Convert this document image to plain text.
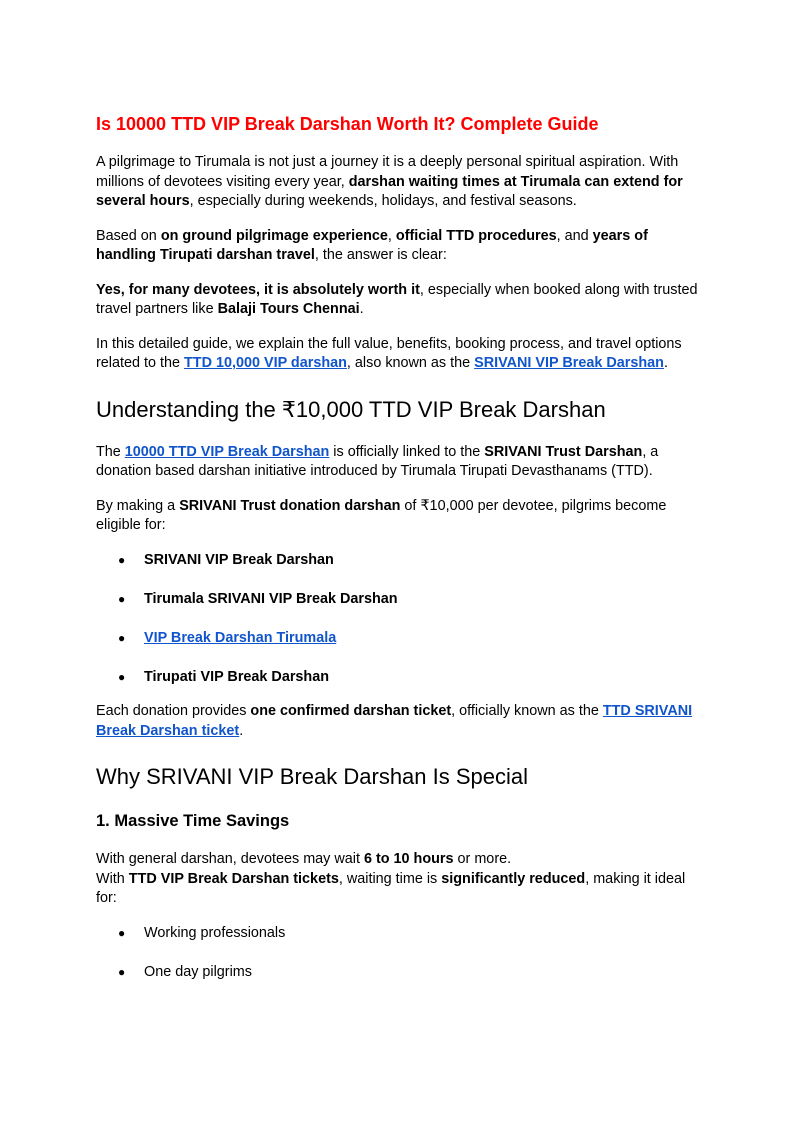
Is 10000 TTD VIP Break Darshan Worth It? Complete Guide

A pilgrimage to Tirumala is not just a journey it is a deeply personal spiritual aspiration. With millions of devotees visiting every year, darshan waiting times at Tirumala can extend for several hours, especially during weekends, holidays, and festival seasons.

Based on on ground pilgrimage experience, official TTD procedures, and years of handling Tirupati darshan travel, the answer is clear:

Yes, for many devotees, it is absolutely worth it, especially when booked along with trusted travel partners like Balaji Tours Chennai.

In this detailed guide, we explain the full value, benefits, booking process, and travel options related to the TTD 10,000 VIP darshan, also known as the SRIVANI VIP Break Darshan.

Understanding the ₹10,000 TTD VIP Break Darshan

The 10000 TTD VIP Break Darshan is officially linked to the SRIVANI Trust Darshan, a donation based darshan initiative introduced by Tirumala Tirupati Devasthanams (TTD).

By making a SRIVANI Trust donation darshan of ₹10,000 per devotee, pilgrims become eligible for:

● SRIVANI VIP Break Darshan
● Tirumala SRIVANI VIP Break Darshan
● VIP Break Darshan Tirumala
● Tirupati VIP Break Darshan

Each donation provides one confirmed darshan ticket, officially known as the TTD SRIVANI Break Darshan ticket.

Why SRIVANI VIP Break Darshan Is Special
1. Massive Time Savings

With general darshan, devotees may wait 6 to 10 hours or more.
With TTD VIP Break Darshan tickets, waiting time is significantly reduced, making it ideal for:

● Working professionals
● One day pilgrims
